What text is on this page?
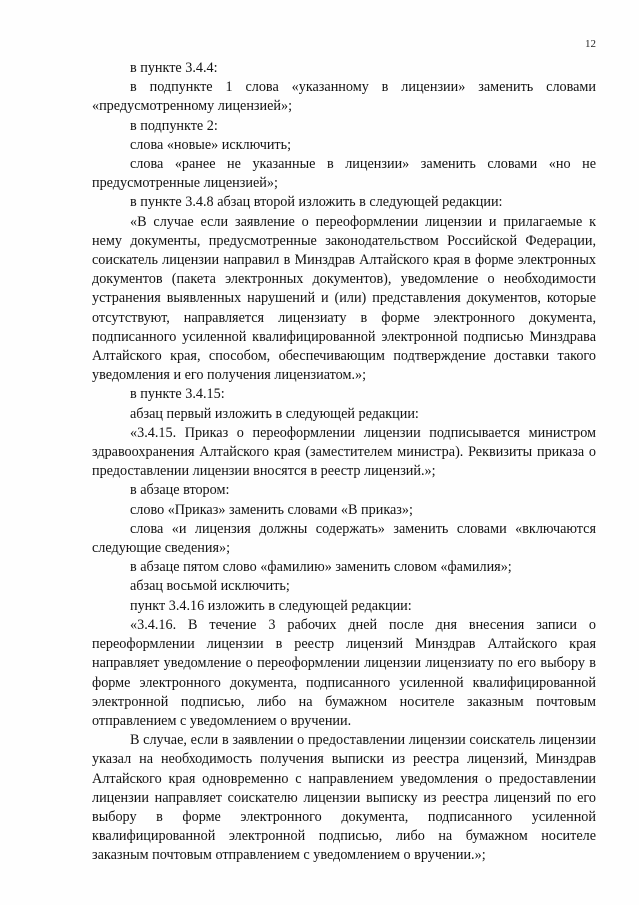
12

в пункте 3.4.4:

в подпункте 1 слова «указанному в лицензии» заменить словами «предусмотренному лицензией»;

в подпункте 2:

слова «новые» исключить;

слова «ранее не указанные в лицензии» заменить словами «но не предусмотренные лицензией»;

в пункте 3.4.8 абзац второй изложить в следующей редакции:

«В случае если заявление о переоформлении лицензии и прилагаемые к нему документы, предусмотренные законодательством Российской Федерации, соискатель лицензии направил в Минздрав Алтайского края в форме электронных документов (пакета электронных документов), уведомление о необходимости устранения выявленных нарушений и (или) представления документов, которые отсутствуют, направляется лицензиату в форме электронного документа, подписанного усиленной квалифицированной электронной подписью Минздрава Алтайского края, способом, обеспечивающим подтверждение доставки такого уведомления и его получения лицензиатом.»;

в пункте 3.4.15:

абзац первый изложить в следующей редакции:

«3.4.15. Приказ о переоформлении лицензии подписывается министром здравоохранения Алтайского края (заместителем министра). Реквизиты приказа о предоставлении лицензии вносятся в реестр лицензий.»;

в абзаце втором:

слово «Приказ» заменить словами «В приказ»;

слова «и лицензия должны содержать» заменить словами «включаются следующие сведения»;

в абзаце пятом слово «фамилию» заменить словом «фамилия»;

абзац восьмой исключить;

пункт 3.4.16 изложить в следующей редакции:

«3.4.16. В течение 3 рабочих дней после дня внесения записи о переоформлении лицензии в реестр лицензий Минздрав Алтайского края направляет уведомление о переоформлении лицензии лицензиату по его выбору в форме электронного документа, подписанного усиленной квалифицированной электронной подписью, либо на бумажном носителе заказным почтовым отправлением с уведомлением о вручении.

В случае, если в заявлении о предоставлении лицензии соискатель лицензии указал на необходимость получения выписки из реестра лицензий, Минздрав Алтайского края одновременно с направлением уведомления о предоставлении лицензии направляет соискателю лицензии выписку из реестра лицензий по его выбору в форме электронного документа, подписанного усиленной квалифицированной электронной подписью, либо на бумажном носителе заказным почтовым отправлением с уведомлением о вручении.»;
